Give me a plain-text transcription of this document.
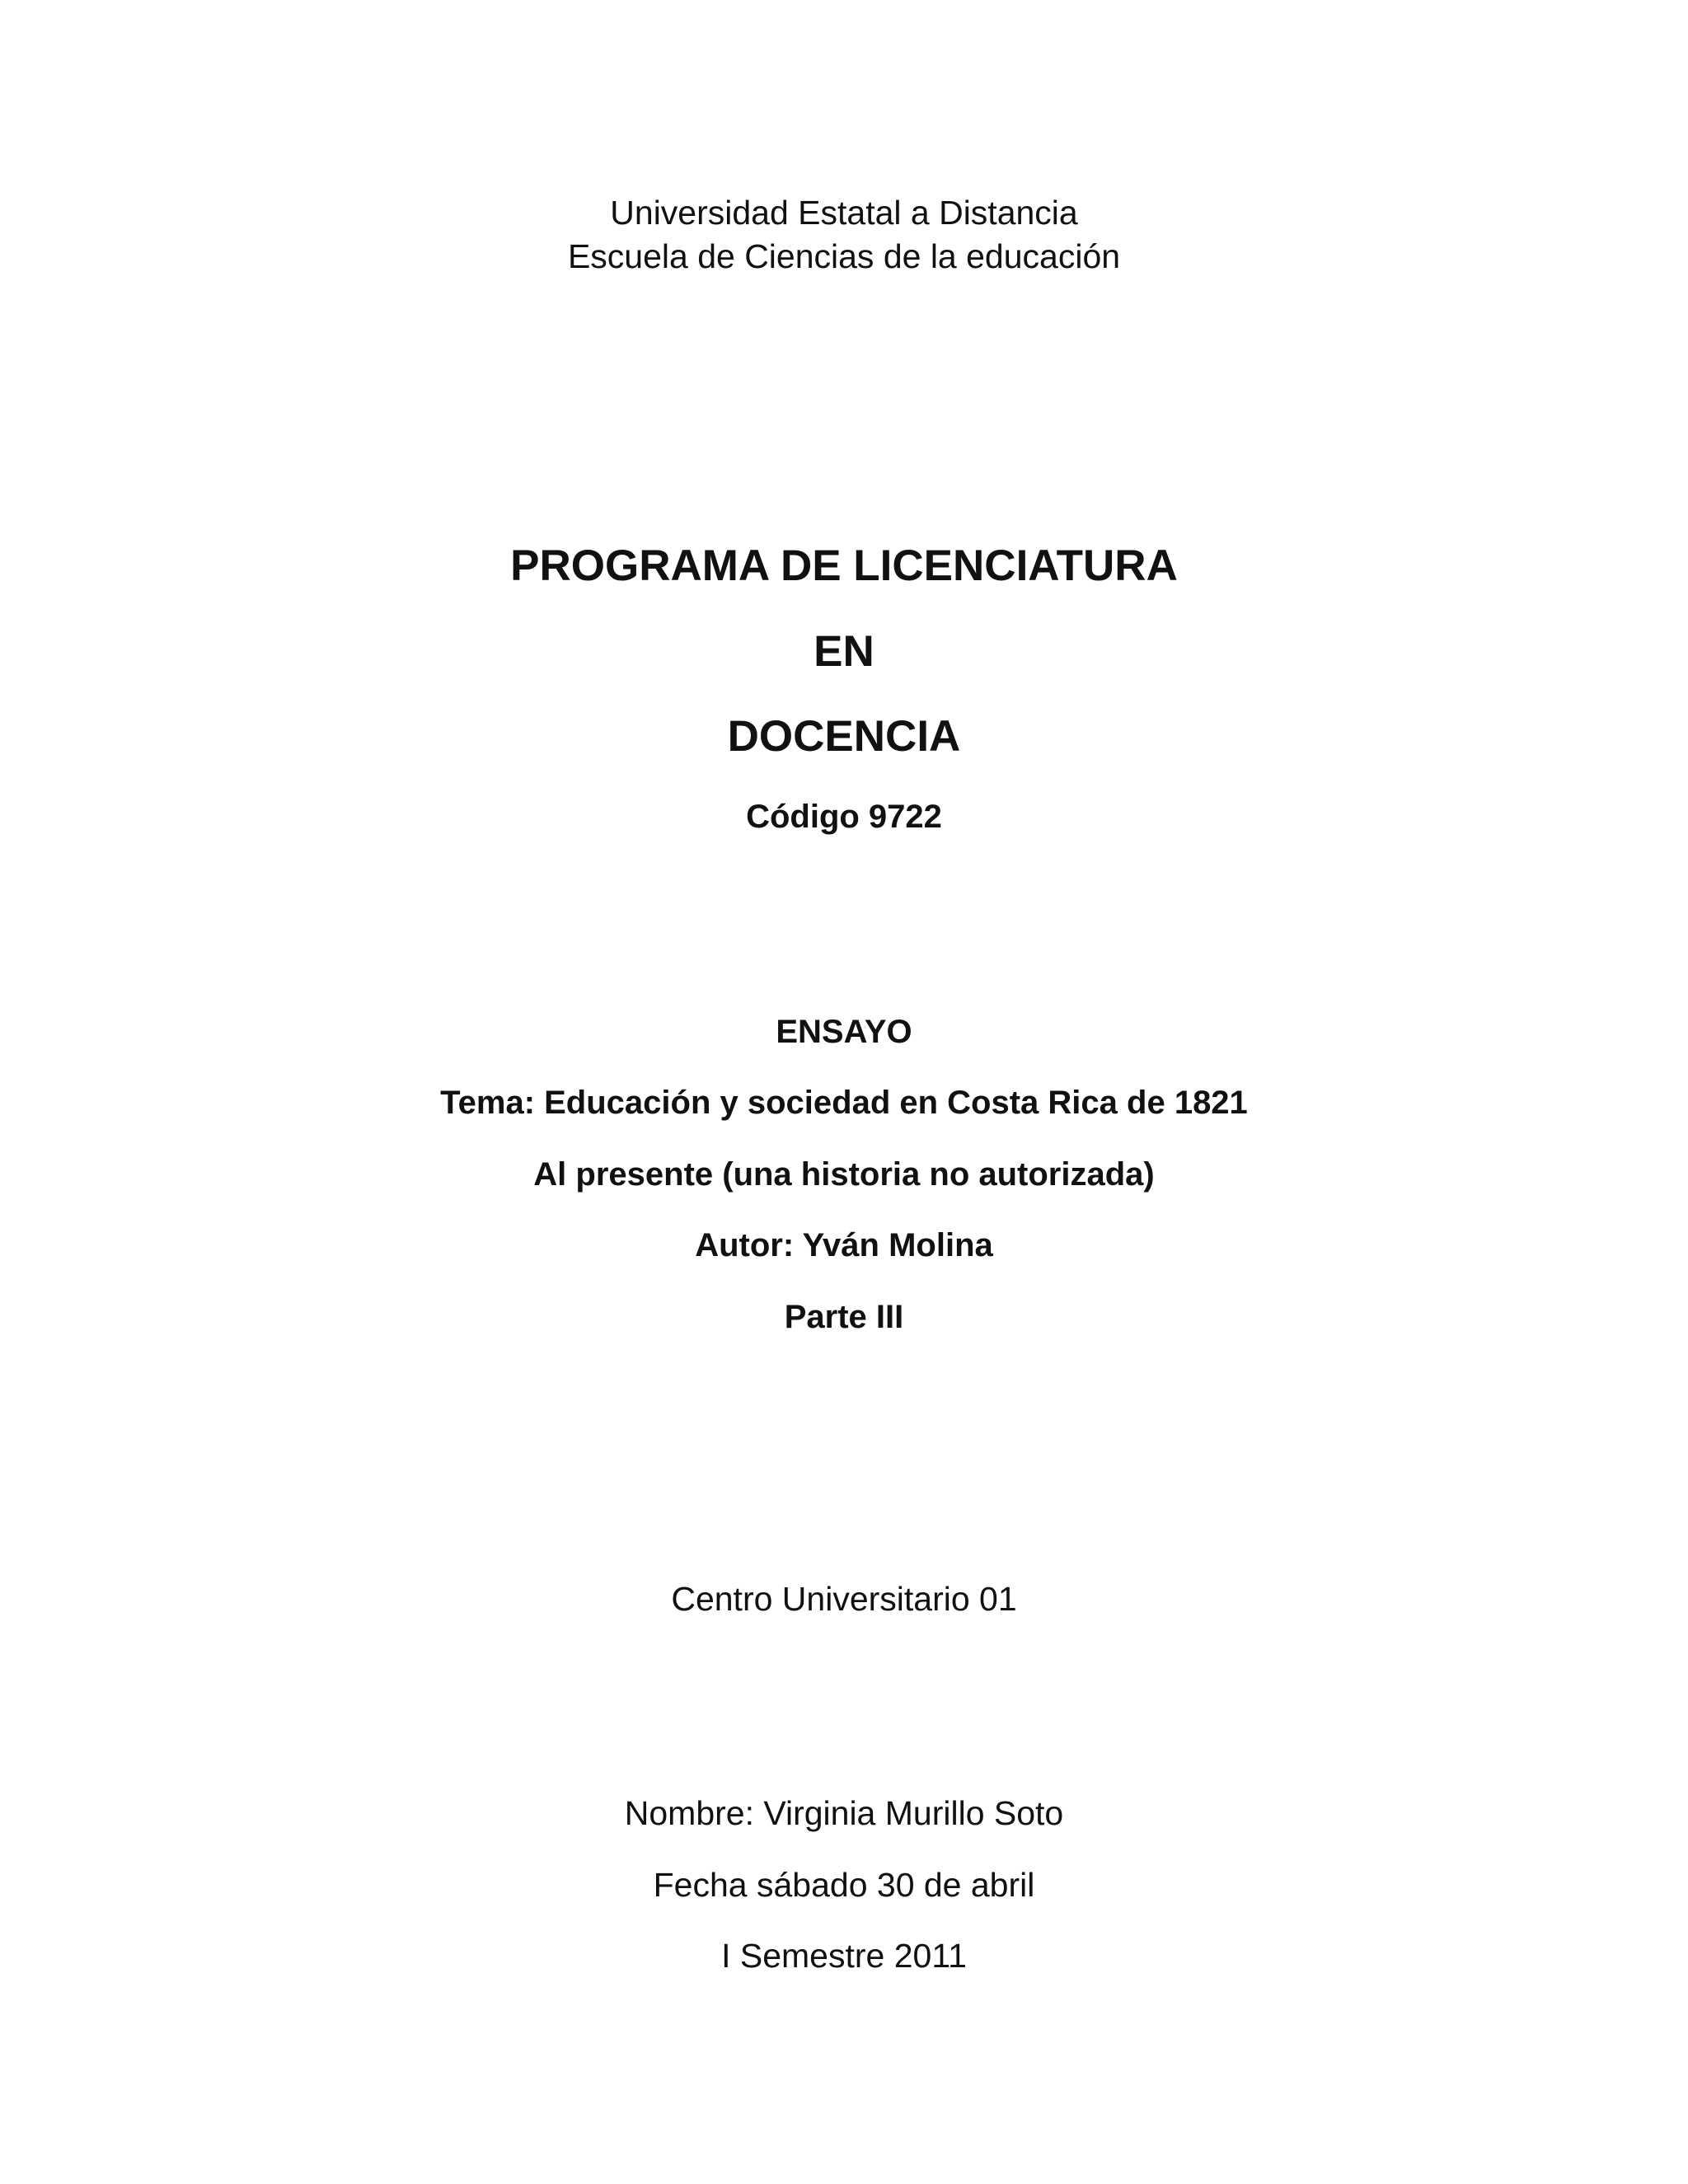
Universidad Estatal a Distancia
Escuela de Ciencias de la educación
PROGRAMA DE LICENCIATURA
EN
DOCENCIA
Código 9722
ENSAYO
Tema: Educación y sociedad en Costa Rica de 1821
Al presente (una historia no autorizada)
Autor: Yván Molina
Parte III
Centro Universitario 01
Nombre: Virginia Murillo Soto
Fecha sábado 30 de abril
I Semestre 2011
